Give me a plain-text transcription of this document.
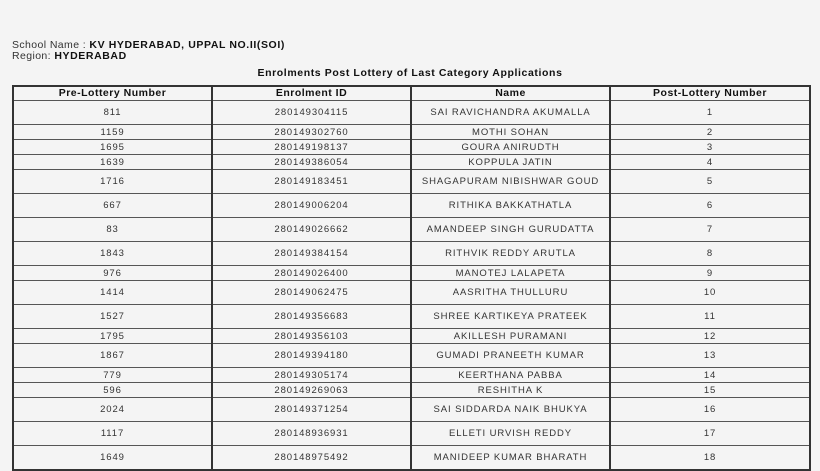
School Name : KV HYDERABAD, UPPAL NO.II(SOI)
Region: HYDERABAD
Enrolments Post Lottery of Last Category Applications
Pre-Lottery Number	Enrolment ID	Name	Post-Lottery Number
811	280149304115	SAI RAVICHANDRA AKUMALLA	1
1159	280149302760	MOTHI SOHAN	2
1695	280149198137	GOURA ANIRUDTH	3
1639	280149386054	KOPPULA JATIN	4
1716	280149183451	SHAGAPURAM NIBISHWAR GOUD	5
667	280149006204	RITHIKA BAKKATHATLA	6
83	280149026662	AMANDEEP SINGH GURUDATTA	7
1843	280149384154	RITHVIK REDDY ARUTLA	8
976	280149026400	MANOTEJ LALAPETA	9
1414	280149062475	AASRITHA THULLURU	10
1527	280149356683	SHREE KARTIKEYA PRATEEK	11
1795	280149356103	AKILLESH PURAMANI	12
1867	280149394180	GUMADI PRANEETH KUMAR	13
779	280149305174	KEERTHANA PABBA	14
596	280149269063	RESHITHA K	15
2024	280149371254	SAI SIDDARDA NAIK BHUKYA	16
1117	280148936931	ELLETI URVISH REDDY	17
1649	280148975492	MANIDEEP KUMAR BHARATH	18
